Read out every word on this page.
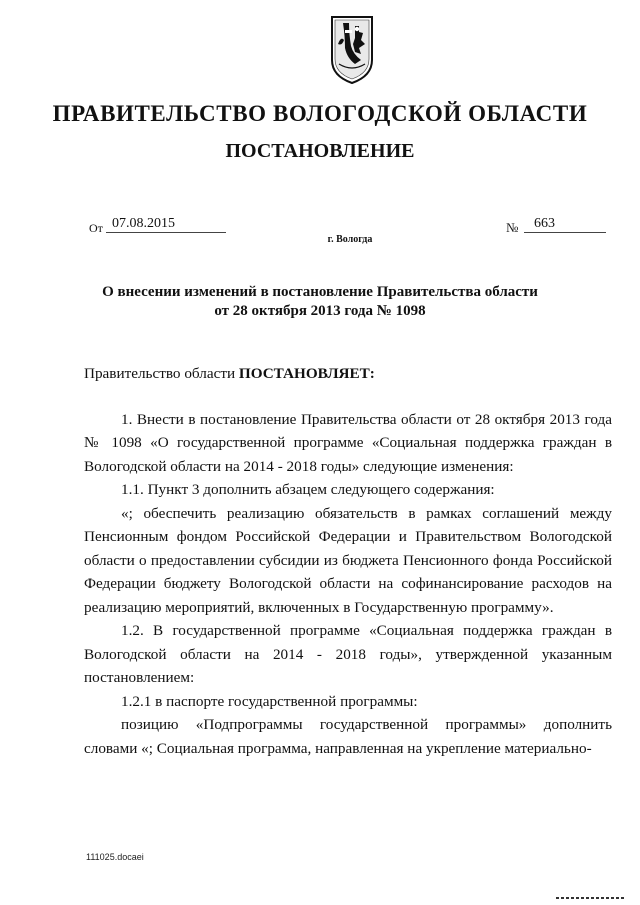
ПРАВИТЕЛЬСТВО ВОЛОГОДСКОЙ ОБЛАСТИ
ПОСТАНОВЛЕНИЕ
От 07.08.2015	№	663
г. Вологда
О внесении изменений в постановление Правительства области
от 28 октября 2013 года № 1098

Правительство области ПОСТАНОВЛЯЕТ:

1. Внести в постановление Правительства области от 28 октября 2013 года № 1098 «О государственной программе «Социальная поддержка граждан в Вологодской области на 2014 - 2018 годы» следующие изменения:

1.1. Пункт 3 дополнить абзацем следующего содержания:

«; обеспечить реализацию обязательств в рамках соглашений между Пенсионным фондом Российской Федерации и Правительством Вологодской области о предоставлении субсидии из бюджета Пенсионного фонда Российской Федерации бюджету Вологодской области на софинансирование расходов на реализацию мероприятий, включенных в Государственную программу».

1.2. В государственной программе «Социальная поддержка граждан в Вологодской области на 2014 - 2018 годы», утвержденной указанным постановлением:

1.2.1 в паспорте государственной программы:

позицию «Подпрограммы государственной программы» дополнить словами «; Социальная программа, направленная на укрепление материально-

111025.docaei
